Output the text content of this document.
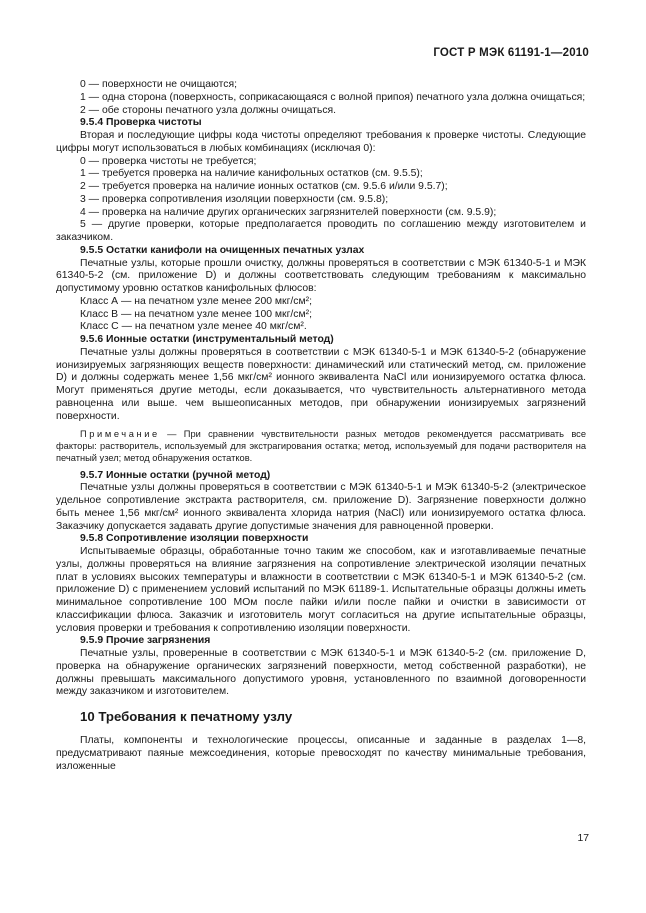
ГОСТ Р МЭК 61191-1—2010

0 — поверхности не очищаются;

1 — одна сторона (поверхность, соприкасающаяся с волной припоя) печатного узла должна очищаться;

2 — обе стороны печатного узла должны очищаться.

9.5.4 Проверка чистоты

Вторая и последующие цифры кода чистоты определяют требования к проверке чистоты. Следующие цифры могут использоваться в любых комбинациях (исключая 0):

0 — проверка чистоты не требуется;

1 — требуется проверка на наличие канифольных остатков (см. 9.5.5);

2 — требуется проверка на наличие ионных остатков (см. 9.5.6 и/или 9.5.7);

3 — проверка сопротивления изоляции поверхности (см. 9.5.8);

4 — проверка на наличие других органических загрязнителей поверхности (см. 9.5.9);

5 — другие проверки, которые предполагается проводить по соглашению между изготовителем и заказчиком.

9.5.5 Остатки канифоли на очищенных печатных узлах

Печатные узлы, которые прошли очистку, должны проверяться в соответствии с МЭК 61340-5-1 и МЭК 61340-5-2 (см. приложение D) и должны соответствовать следующим требованиям к максимально допустимому уровню остатков канифольных флюсов:

Класс А — на печатном узле менее 200 мкг/см²;

Класс В — на печатном узле менее 100 мкг/см²;

Класс С — на печатном узле менее 40 мкг/см².

9.5.6 Ионные остатки (инструментальный метод)

Печатные узлы должны проверяться в соответствии с МЭК 61340-5-1 и МЭК 61340-5-2 (обнаружение ионизируемых загрязняющих веществ поверхности: динамический или статический метод, см. приложение D) и должны содержать менее 1,56 мкг/см² ионного эквивалента NaCl или ионизируемого остатка флюса. Могут применяться другие методы, если доказывается, что чувствительность альтернативного метода равноценна или выше. чем вышеописанных методов, при обнаружении ионизируемых загрязнений поверхности.

Примечание — При сравнении чувствительности разных методов рекомендуется рассматривать все факторы: растворитель, используемый для экстрагирования остатка; метод, используемый для подачи растворителя на печатный узел; метод обнаружения остатков.

9.5.7 Ионные остатки (ручной метод)

Печатные узлы должны проверяться в соответствии с МЭК 61340-5-1 и МЭК 61340-5-2 (электрическое удельное сопротивление экстракта растворителя, см. приложение D). Загрязнение поверхности должно быть менее 1,56 мкг/см² ионного эквивалента хлорида натрия (NaCl) или ионизируемого остатка флюса. Заказчику допускается задавать другие допустимые значения для равноценной проверки.

9.5.8 Сопротивление изоляции поверхности

Испытываемые образцы, обработанные точно таким же способом, как и изготавливаемые печатные узлы, должны проверяться на влияние загрязнения на сопротивление электрической изоляции печатных плат в условиях высоких температуры и влажности в соответствии с МЭК 61340-5-1 и МЭК 61340-5-2 (см. приложение D) с применением условий испытаний по МЭК 61189-1. Испытательные образцы должны иметь минимальное сопротивление 100 МОм после пайки и/или после пайки и очистки в зависимости от классификации флюса. Заказчик и изготовитель могут согласиться на другие испытательные образцы, условия проверки и требования к сопротивлению изоляции поверхности.

9.5.9 Прочие загрязнения

Печатные узлы, проверенные в соответствии с МЭК 61340-5-1 и МЭК 61340-5-2 (см. приложение D, проверка на обнаружение органических загрязнений поверхности, метод собственной разработки), не должны превышать максимального допустимого уровня, установленного по взаимной договоренности между заказчиком и изготовителем.

10 Требования к печатному узлу

Платы, компоненты и технологические процессы, описанные и заданные в разделах 1—8, предусматривают паяные межсоединения, которые превосходят по качеству минимальные требования, изложенные

17
